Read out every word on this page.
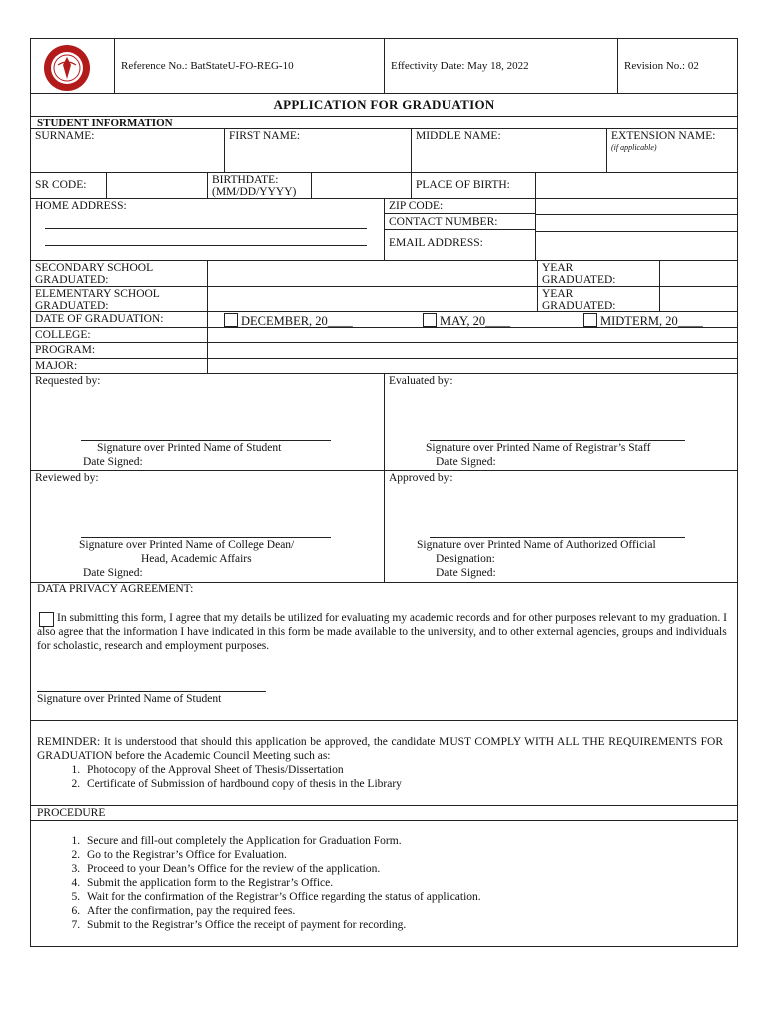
Reference No.: BatStateU-FO-REG-10	Effectivity Date: May 18, 2022	Revision No.: 02
APPLICATION FOR GRADUATION
STUDENT INFORMATION
SURNAME:	FIRST NAME:	MIDDLE NAME:	EXTENSION NAME:
(if applicable)
SR CODE:	BIRTHDATE:
(MM/DD/YYYY)
PLACE OF BIRTH:
HOME ADDRESS:	ZIP CODE:
CONTACT NUMBER:
EMAIL ADDRESS:
SECONDARY SCHOOL
GRADUATED:
YEAR
GRADUATED:
ELEMENTARY SCHOOL
GRADUATED:
YEAR
GRADUATED:
DATE OF GRADUATION:	DECEMBER, 20____	MAY, 20____	MIDTERM, 20____
COLLEGE:
PROGRAM:
MAJOR:
Requested by:
Signature over Printed Name of Student
Date Signed:
Evaluated by:
Signature over Printed Name of Registrar’s Staff
Date Signed:
Reviewed by:
Signature over Printed Name of College Dean/
Head, Academic Affairs
Date Signed:
Approved by:
Signature over Printed Name of Authorized Official
Designation:
Date Signed:
DATA PRIVACY AGREEMENT:
In submitting this form, I agree that my details be utilized for evaluating my academic records and for other purposes relevant to my graduation. I also agree that the information I have indicated in this form be made available to the university, and to other external agencies, groups and individuals for scholastic, research and employment purposes.
Signature over Printed Name of Student
REMINDER: It is understood that should this application be approved, the candidate MUST COMPLY WITH ALL THE REQUIREMENTS FOR GRADUATION before the Academic Council Meeting such as:
1. Photocopy of the Approval Sheet of Thesis/Dissertation
2. Certificate of Submission of hardbound copy of thesis in the Library
PROCEDURE
1. Secure and fill-out completely the Application for Graduation Form.
2. Go to the Registrar’s Office for Evaluation.
3. Proceed to your Dean’s Office for the review of the application.
4. Submit the application form to the Registrar’s Office.
5. Wait for the confirmation of the Registrar’s Office regarding the status of application.
6. After the confirmation, pay the required fees.
7. Submit to the Registrar’s Office the receipt of payment for recording.
